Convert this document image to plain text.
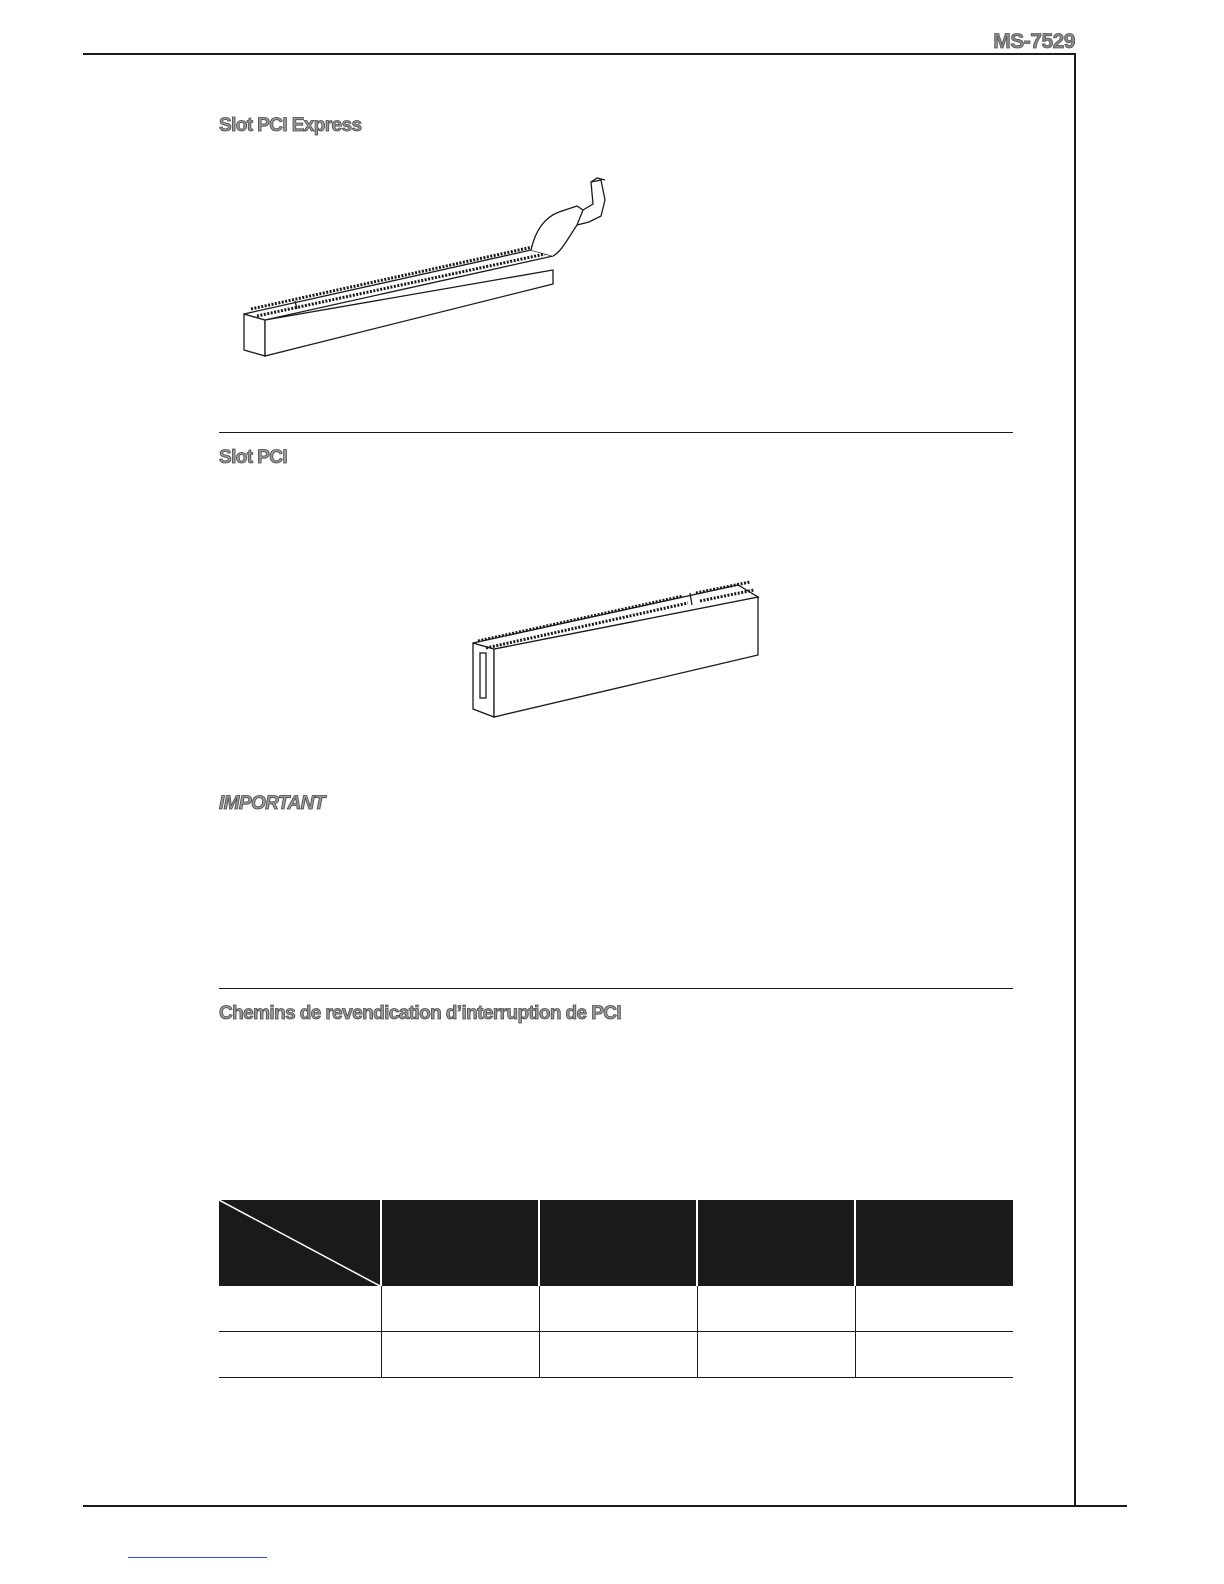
MS-7529
Slot PCI Express
Slot PCI
IMPORTANT
Chemins de revendication d’interruption de PCI
